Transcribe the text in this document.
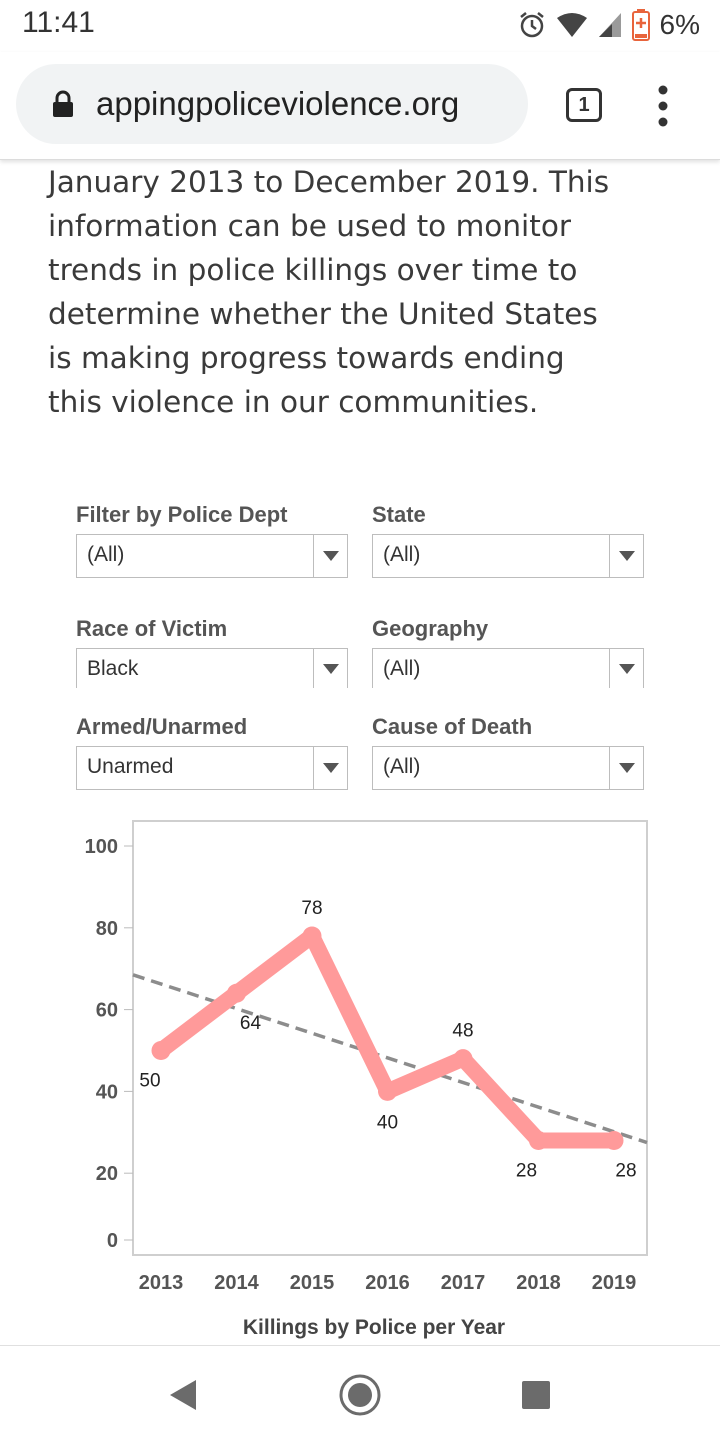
11:41	6%
appingpoliceviolence.org	1
January 2013 to December 2019. This
information can be used to monitor
trends in police killings over time to
determine whether the United States
is making progress towards ending
this violence in our communities.
Filter by Police Dept
(All)
State
(All)
Race of Victim
Black
Geography
(All)
Armed/Unarmed
Unarmed
Cause of Death
(All)
0
20
40
60
80
100
2013 2014 2015 2016 2017 2018 2019
50
64
78
40
48
28	28
Killings by Police per Year
